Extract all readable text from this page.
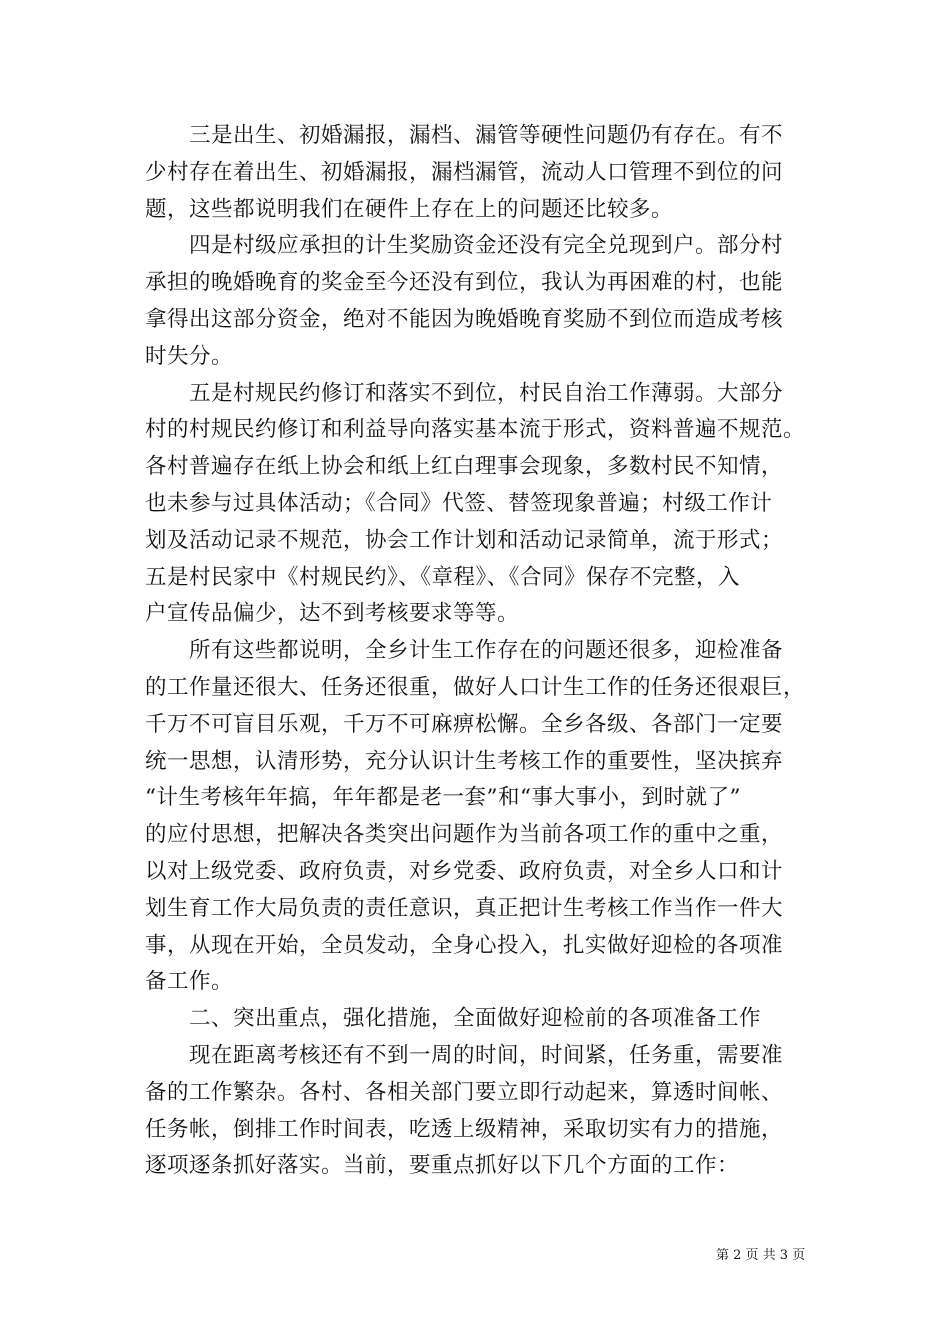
　　三是出生、初婚漏报，漏档、漏管等硬性问题仍有存在。有不
少村存在着出生、初婚漏报，漏档漏管，流动人口管理不到位的问
题，这些都说明我们在硬件上存在上的问题还比较多。
　　四是村级应承担的计生奖励资金还没有完全兑现到户。部分村
承担的晚婚晚育的奖金至今还没有到位，我认为再困难的村，也能
拿得出这部分资金，绝对不能因为晚婚晚育奖励不到位而造成考核
时失分。
　　五是村规民约修订和落实不到位，村民自治工作薄弱。大部分
村的村规民约修订和利益导向落实基本流于形式，资料普遍不规范。
各村普遍存在纸上协会和纸上红白理事会现象，多数村民不知情，
也未参与过具体活动；《合同》代签、替签现象普遍；村级工作计
划及活动记录不规范，协会工作计划和活动记录简单，流于形式；
五是村民家中《村规民约》、《章程》、《合同》保存不完整，入
户宣传品偏少，达不到考核要求等等。
　　所有这些都说明，全乡计生工作存在的问题还很多，迎检准备
的工作量还很大、任务还很重，做好人口计生工作的任务还很艰巨，
千万不可盲目乐观，千万不可麻痹松懈。全乡各级、各部门一定要
统一思想，认清形势，充分认识计生考核工作的重要性，坚决摈弃
“计生考核年年搞，年年都是老一套”和“事大事小，到时就了”
的应付思想，把解决各类突出问题作为当前各项工作的重中之重，
以对上级党委、政府负责，对乡党委、政府负责，对全乡人口和计
划生育工作大局负责的责任意识，真正把计生考核工作当作一件大
事，从现在开始，全员发动，全身心投入，扎实做好迎检的各项准
备工作。
　　二、突出重点，强化措施，全面做好迎检前的各项准备工作
　　现在距离考核还有不到一周的时间，时间紧，任务重，需要准
备的工作繁杂。各村、各相关部门要立即行动起来，算透时间帐、
任务帐，倒排工作时间表，吃透上级精神，采取切实有力的措施，
逐项逐条抓好落实。当前，要重点抓好以下几个方面的工作：
第 2 页 共 3 页
